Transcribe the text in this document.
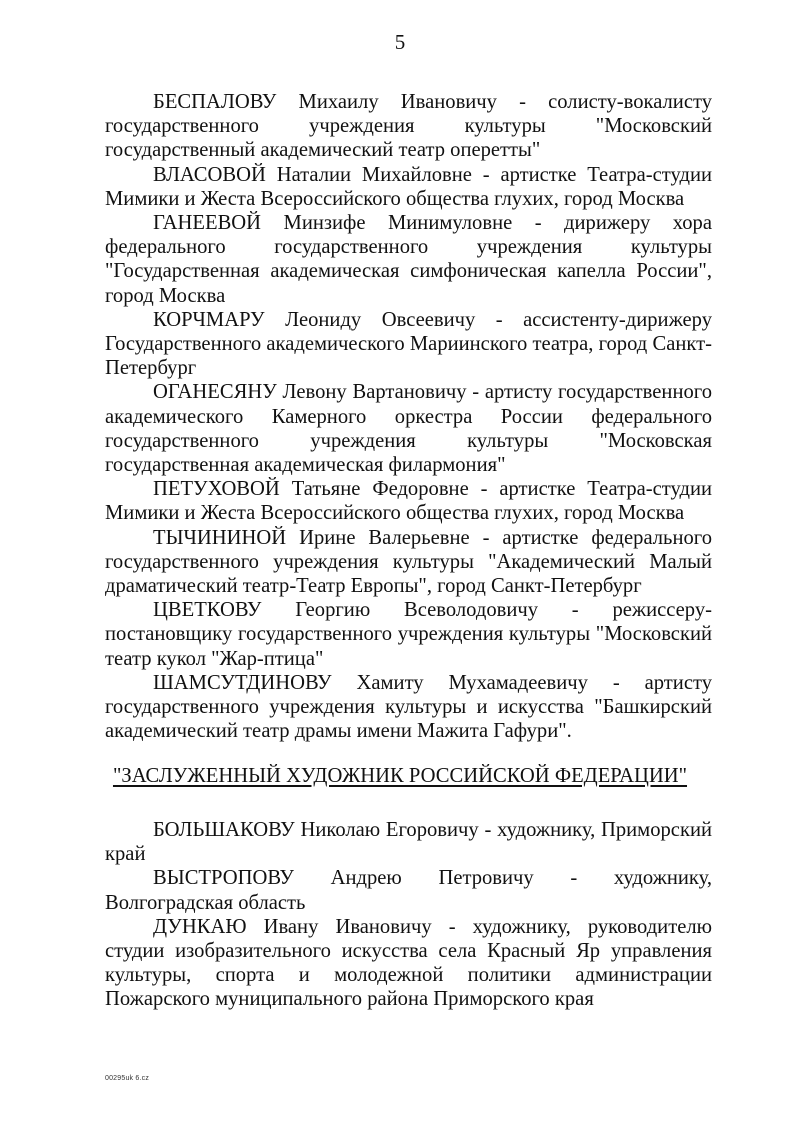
5

БЕСПАЛОВУ Михаилу Ивановичу - солисту-вокалисту государственного учреждения культуры "Московский государственный академический театр оперетты"

ВЛАСОВОЙ Наталии Михайловне - артистке Театра-студии Мимики и Жеста Всероссийского общества глухих, город Москва

ГАНЕЕВОЙ Минзифе Минимуловне - дирижеру хора федерального государственного учреждения культуры "Государственная академическая симфоническая капелла России", город Москва

КОРЧМАРУ Леониду Овсеевичу - ассистенту-дирижеру Государственного академического Мариинского театра, город Санкт-Петербург

ОГАНЕСЯНУ Левону Вартановичу - артисту государственного академического Камерного оркестра России федерального государственного учреждения культуры "Московская государственная академическая филармония"

ПЕТУХОВОЙ Татьяне Федоровне - артистке Театра-студии Мимики и Жеста Всероссийского общества глухих, город Москва

ТЫЧИНИНОЙ Ирине Валерьевне - артистке федерального государственного учреждения культуры "Академический Малый драматический театр-Театр Европы", город Санкт-Петербург

ЦВЕТКОВУ Георгию Всеволодовичу - режиссеру-постановщику государственного учреждения культуры "Московский театр кукол "Жар-птица"

ШАМСУТДИНОВУ Хамиту Мухамадеевичу - артисту государственного учреждения культуры и искусства "Башкирский академический театр драмы имени Мажита Гафури".

"ЗАСЛУЖЕННЫЙ ХУДОЖНИК РОССИЙСКОЙ ФЕДЕРАЦИИ"

БОЛЬШАКОВУ Николаю Егоровичу - художнику, Приморский край

ВЫСТРОПОВУ Андрею Петровичу - художнику, Волгоградская область

ДУНКАЮ Ивану Ивановичу - художнику, руководителю студии изобразительного искусства села Красный Яр управления культуры, спорта и молодежной политики администрации Пожарского муниципального района Приморского края

00295uk 6.cz
